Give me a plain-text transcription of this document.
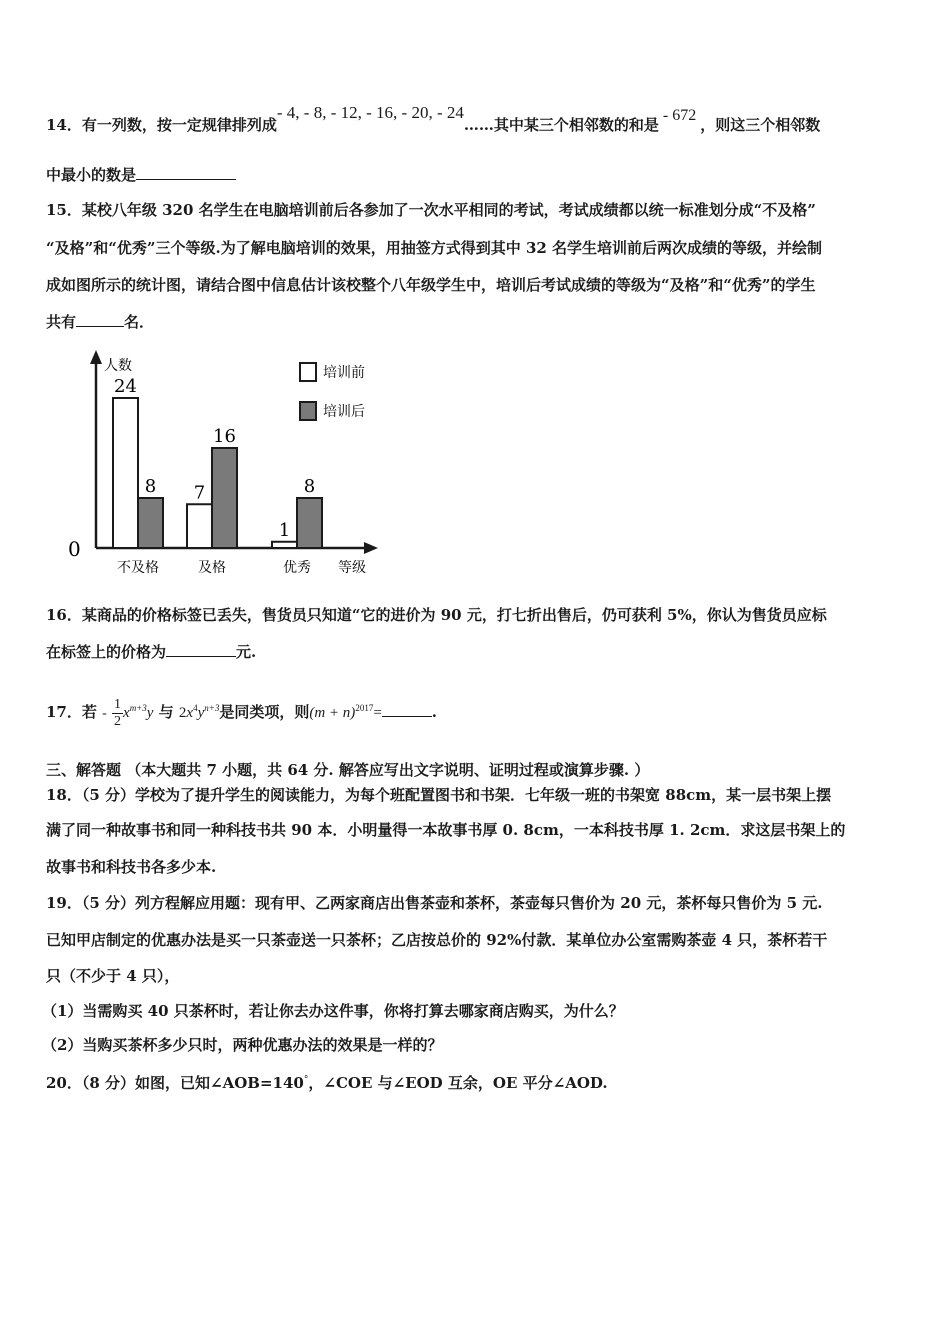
14．有一列数，按一定规律排列成- 4, - 8, - 12, - 16, - 20, - 24……其中某三个相邻数的和是- 672，则这三个相邻数
中最小的数是
15．某校八年级 320 名学生在电脑培训前后各参加了一次水平相同的考试，考试成绩都以统一标准划分成“不及格”
“及格”和“优秀”三个等级.为了解电脑培训的效果，用抽签方式得到其中 32 名学生培训前后两次成绩的等级，并绘制
成如图所示的统计图，请结合图中信息估计该校整个八年级学生中，培训后考试成绩的等级为“及格”和“优秀”的学生
共有	名．
人数
0
等级
培训前
培训后
24
8
不及格
7
16
及格
1
8
优秀
16．某商品的价格标签已丢失，售货员只知道“它的进价为 90 元，打七折出售后，仍可获利 5%，你认为售货员应标
在标签上的价格为	元.
17．若 - $\frac{1}{2} x^{m+3}y$ 与 $2x^4y^{n+3}$是同类项，则$(m + n)^{2017}=$	.
三、解答题 （本大题共 7 小题，共 64 分. 解答应写出文字说明、证明过程或演算步骤. ）
18．（5 分）学校为了提升学生的阅读能力，为每个班配置图书和书架．七年级一班的书架宽 88cm，某一层书架上摆
满了同一种故事书和同一种科技书共 90 本．小明量得一本故事书厚 0. 8cm，一本科技书厚 1. 2cm．求这层书架上的
故事书和科技书各多少本.
19．（5 分）列方程解应用题：现有甲、乙两家商店出售茶壶和茶杯，茶壶每只售价为 20 元，茶杯每只售价为 5 元.
已知甲店制定的优惠办法是买一只茶壶送一只茶杯；乙店按总价的 92%付款．某单位办公室需购茶壶 4 只，茶杯若干
只（不少于 4 只），
（1）当需购买 40 只茶杯时，若让你去办这件事，你将打算去哪家商店购买，为什么？
（2）当购买茶杯多少只时，两种优惠办法的效果是一样的？
20．（8 分）如图，已知∠AOB=140°，∠COE 与∠EOD 互余，OE 平分∠AOD.
